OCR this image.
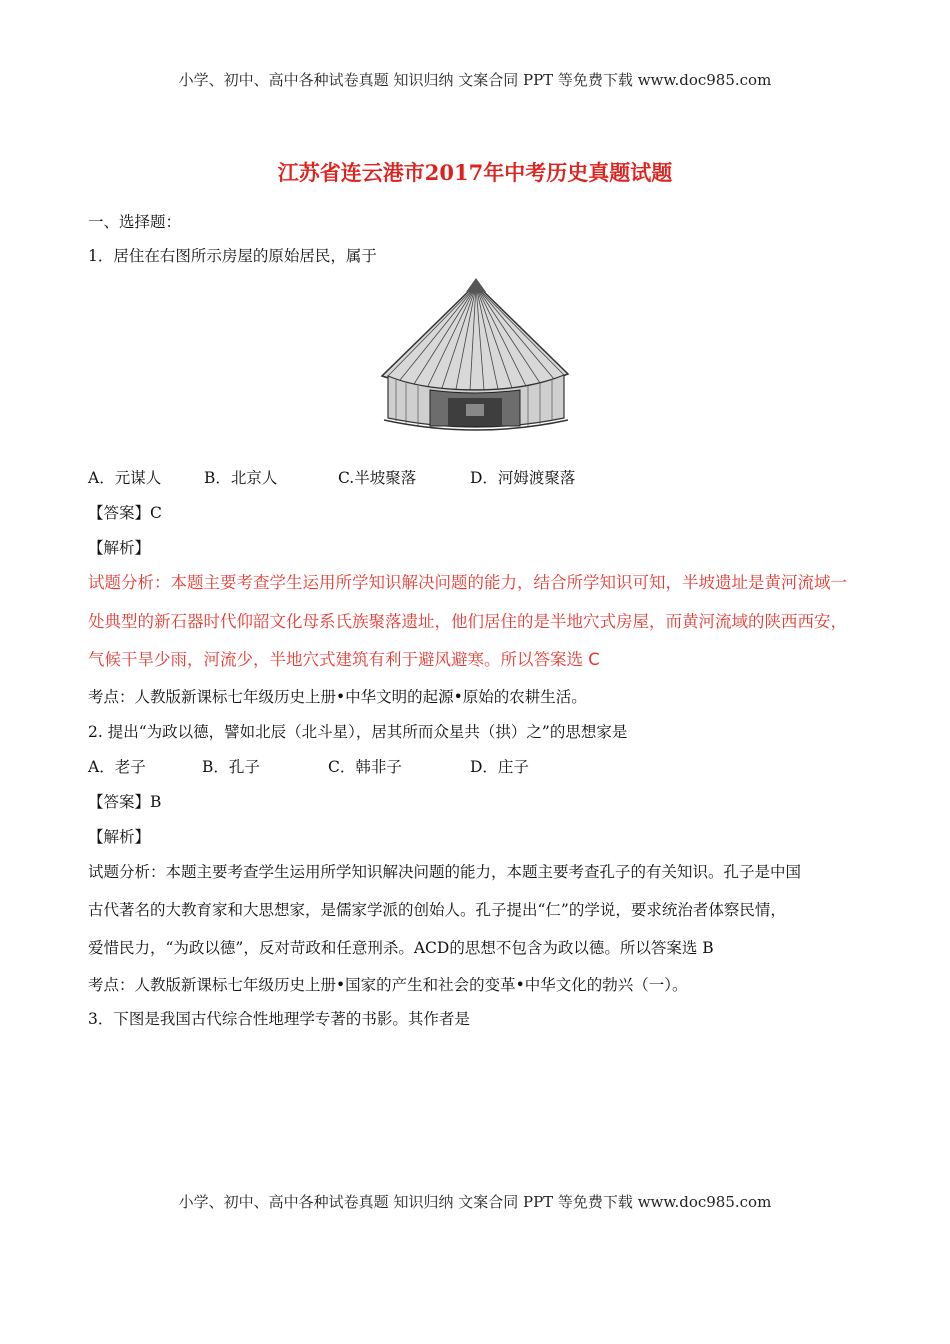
小学、初中、高中各种试卷真题 知识归纳 文案合同 PPT 等免费下载 www.doc985.com
江苏省连云港市2017年中考历史真题试题
一、选择题：
1．居住在右图所示房屋的原始居民，属于
A．元谋人	B．北京人	C.半坡聚落	D．河姆渡聚落
【答案】C
【解析】
试题分析：本题主要考查学生运用所学知识解决问题的能力，结合所学知识可知，半坡遗址是黄河流域一
处典型的新石器时代仰韶文化母系氏族聚落遗址，他们居住的是半地穴式房屋，而黄河流域的陕西西安，
气候干旱少雨，河流少，半地穴式建筑有利于避风避寒。所以答案选 C
考点：人教版新课标七年级历史上册•中华文明的起源•原始的农耕生活。
2. 提出“为政以德，譬如北辰（北斗星），居其所而众星共（拱）之”的思想家是
A．老子	B．孔子	C．韩非子	D．庄子
【答案】B
【解析】
试题分析：本题主要考查学生运用所学知识解决问题的能力，本题主要考查孔子的有关知识。孔子是中国
古代著名的大教育家和大思想家，是儒家学派的创始人。孔子提出“仁”的学说，要求统治者体察民情，
爱惜民力，“为政以德”，反对苛政和任意刑杀。ACD的思想不包含为政以德。所以答案选 B
考点：人教版新课标七年级历史上册•国家的产生和社会的变革•中华文化的勃兴（一）。
3．下图是我国古代综合性地理学专著的书影。其作者是
小学、初中、高中各种试卷真题 知识归纳 文案合同 PPT 等免费下载 www.doc985.com
